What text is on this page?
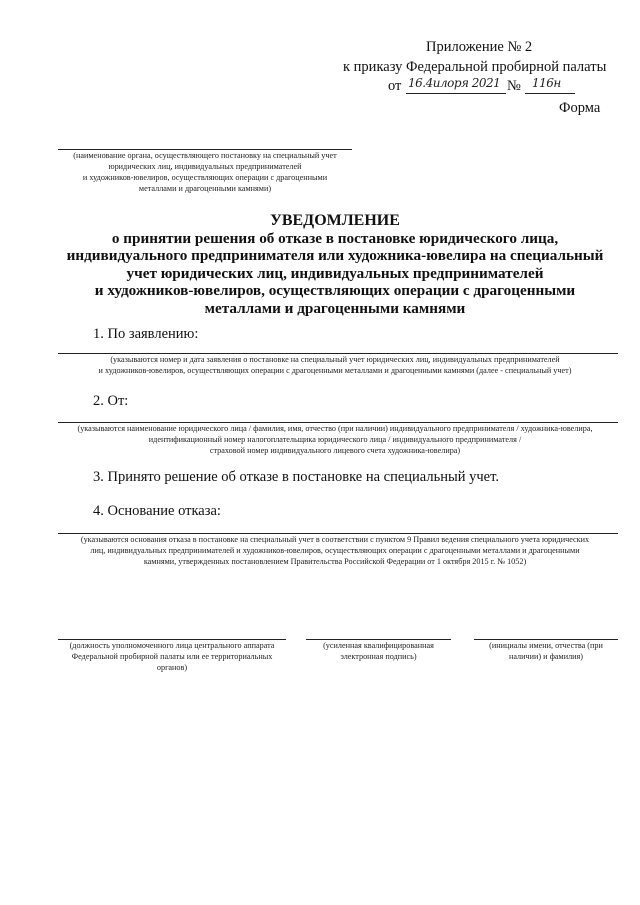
Приложение № 2
к приказу Федеральной пробирной палаты
от 16.4илоря 2021 № 116н
Форма
(наименование органа, осуществляющего постановку на специальный учет
юридических лиц, индивидуальных предпринимателей
и художников-ювелиров, осуществляющих операции с драгоценными
металлами и драгоценными камнями)
УВЕДОМЛЕНИЕ
о принятии решения об отказе в постановке юридического лица,
индивидуального предпринимателя или художника-ювелира на специальный
учет юридических лиц, индивидуальных предпринимателей
и художников-ювелиров, осуществляющих операции с драгоценными
металлами и драгоценными камнями
1. По заявлению:
(указываются номер и дата заявления о постановке на специальный учет юридических лиц, индивидуальных предпринимателей
и художников-ювелиров, осуществляющих операции с драгоценными металлами и драгоценными камнями (далее - специальный учет)
2. От:
(указываются наименование юридического лица / фамилия, имя, отчество (при наличии) индивидуального предпринимателя / художника-ювелира,
идентификационный номер налогоплательщика юридического лица / индивидуального предпринимателя /
страховой номер индивидуального лицевого счета художника-ювелира)
3. Принято решение об отказе в постановке на специальный учет.
4. Основание отказа:
(указываются основания отказа в постановке на специальный учет в соответствии с пунктом 9 Правил ведения специального учета юридических
лиц, индивидуальных предпринимателей и художников-ювелиров, осуществляющих операции с драгоценными металлами и драгоценными
камнями, утвержденных постановлением Правительства Российской Федерации от 1 октября 2015 г. № 1052)
(должность уполномоченного лица центрального аппарата
Федеральной пробирной палаты или ее территориальных
органов)
(усиленная квалифицированная
электронная подпись)
(инициалы имени, отчества (при
наличии) и фамилия)
